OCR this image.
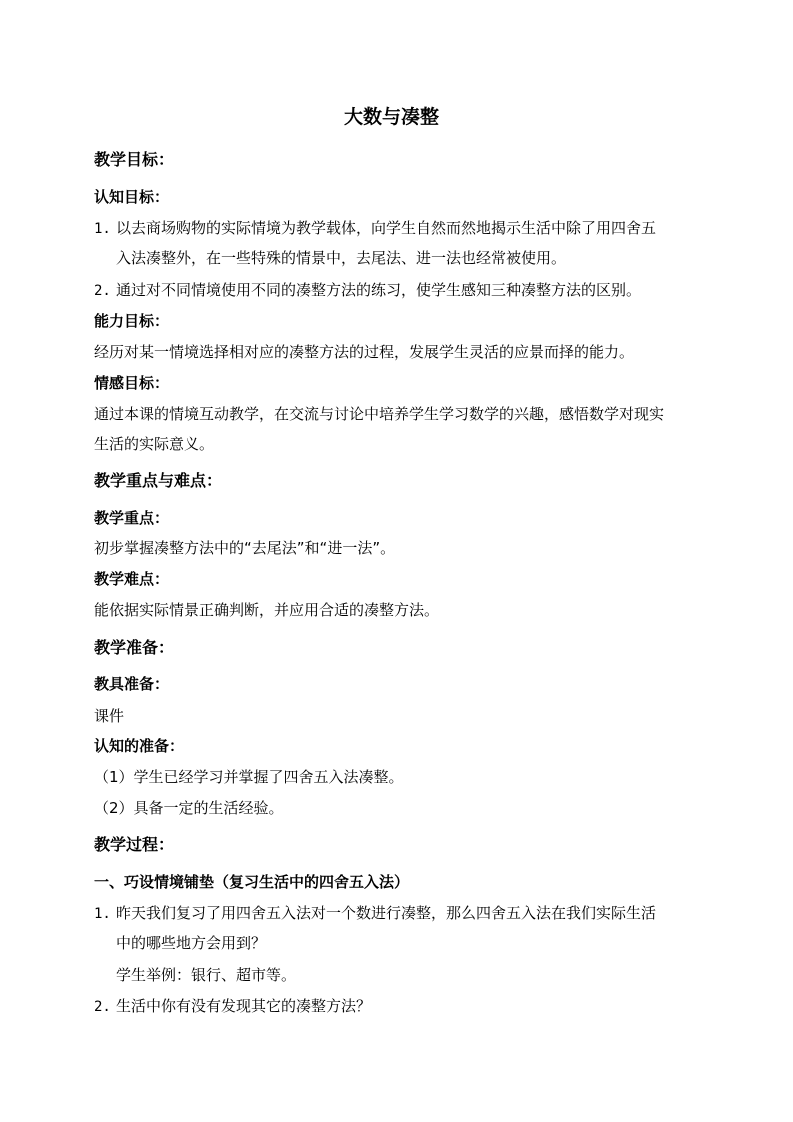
大数与凑整
教学目标：
认知目标：
1. 以去商场购物的实际情境为教学载体，向学生自然而然地揭示生活中除了用四舍五
入法凑整外，在一些特殊的情景中，去尾法、进一法也经常被使用。
2. 通过对不同情境使用不同的凑整方法的练习，使学生感知三种凑整方法的区别。
能力目标：
经历对某一情境选择相对应的凑整方法的过程，发展学生灵活的应景而择的能力。
情感目标：
通过本课的情境互动教学，在交流与讨论中培养学生学习数学的兴趣，感悟数学对现实
生活的实际意义。
教学重点与难点：
教学重点：
初步掌握凑整方法中的“去尾法”和“进一法”。
教学难点：
能依据实际情景正确判断，并应用合适的凑整方法。
教学准备：
教具准备：
课件
认知的准备：
（1）学生已经学习并掌握了四舍五入法凑整。
（2）具备一定的生活经验。
教学过程：
一、巧设情境铺垫（复习生活中的四舍五入法）
1. 昨天我们复习了用四舍五入法对一个数进行凑整，那么四舍五入法在我们实际生活
中的哪些地方会用到？
学生举例：银行、超市等。
2. 生活中你有没有发现其它的凑整方法？
